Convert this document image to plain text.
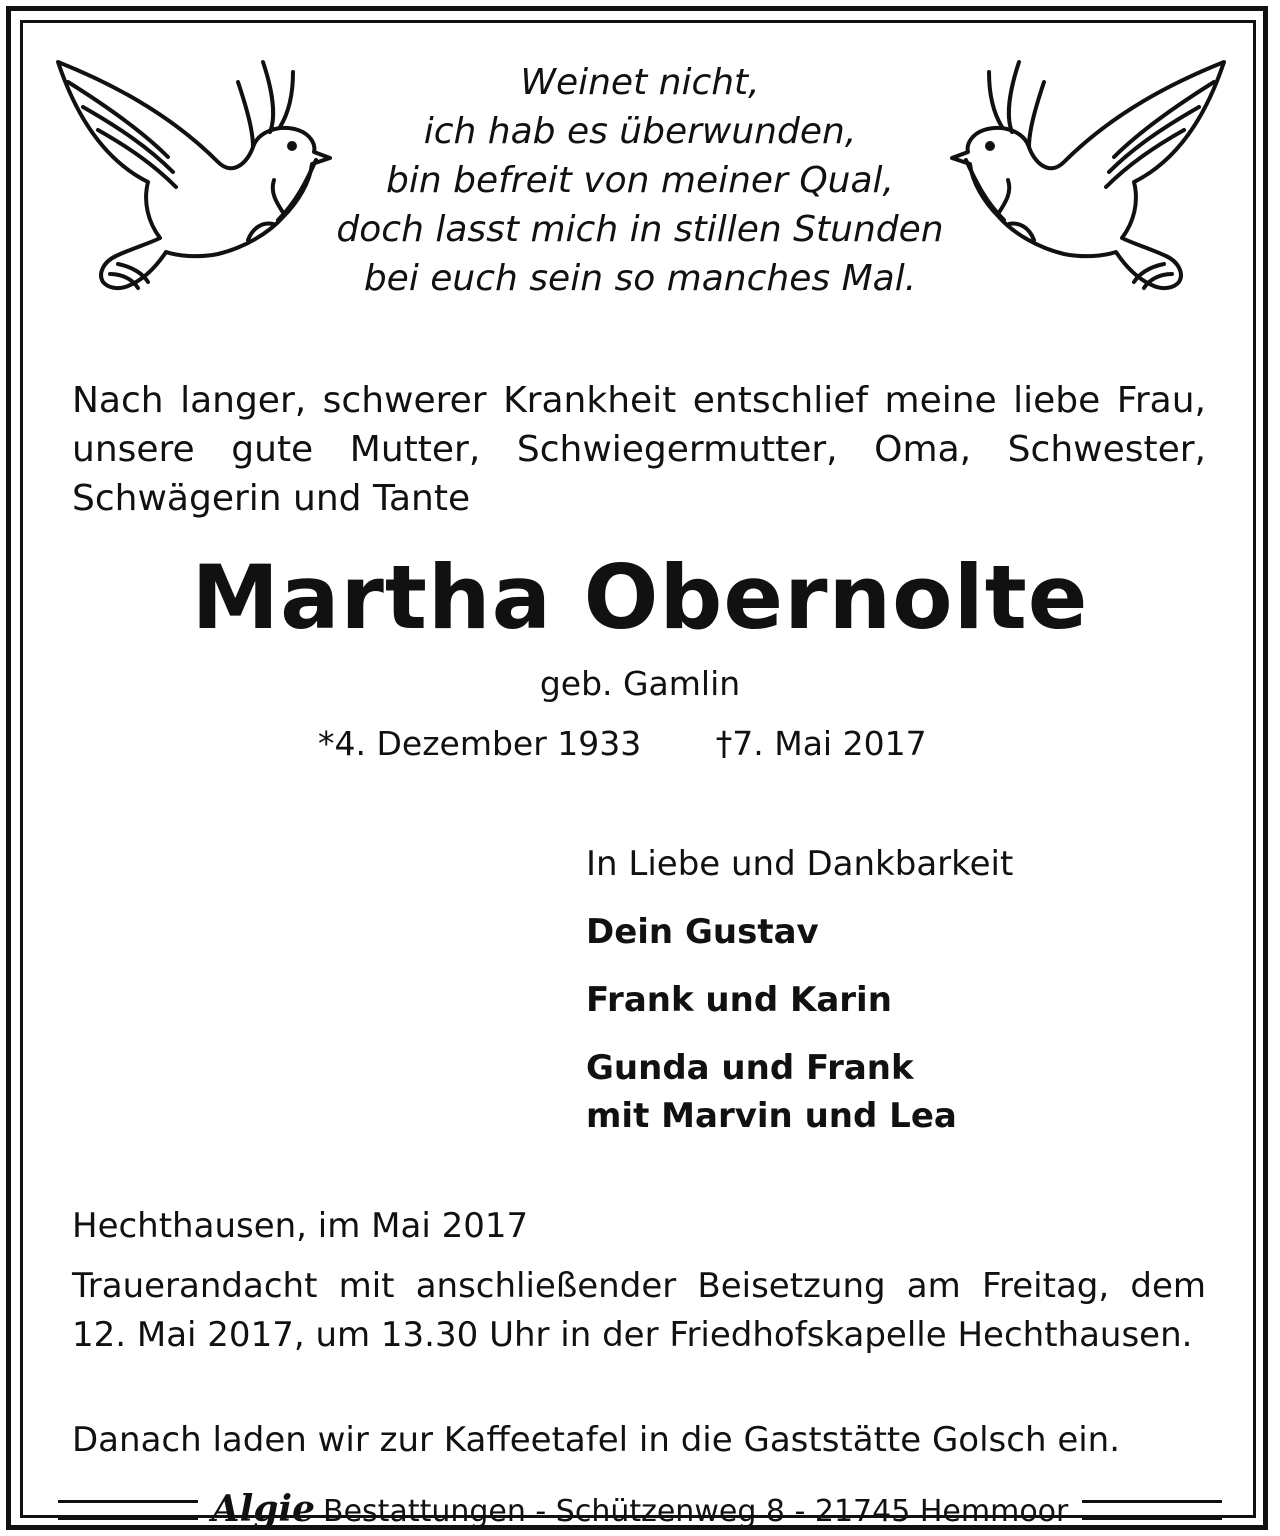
Weinet nicht,
ich hab es überwunden,
bin befreit von meiner Qual,
doch lasst mich in stillen Stunden
bei euch sein so manches Mal.
Nach langer, schwerer Krankheit entschlief meine liebe Frau, unsere gute Mutter, Schwiegermutter, Oma, Schwester, Schwägerin und Tante
Martha Obernolte
geb. Gamlin
*4. Dezember 1933 †7. Mai 2017
In Liebe und Dankbarkeit
Dein Gustav
Frank und Karin
Gunda und Frank
mit Marvin und Lea
Hechthausen, im Mai 2017
Trauerandacht mit anschließender Beisetzung am Freitag, dem 12. Mai 2017, um 13.30 Uhr in der Friedhofskapelle Hechthausen.
Danach laden wir zur Kaffeetafel in die Gaststätte Golsch ein.
Algie Bestattungen - Schützenweg 8 - 21745 Hemmoor
